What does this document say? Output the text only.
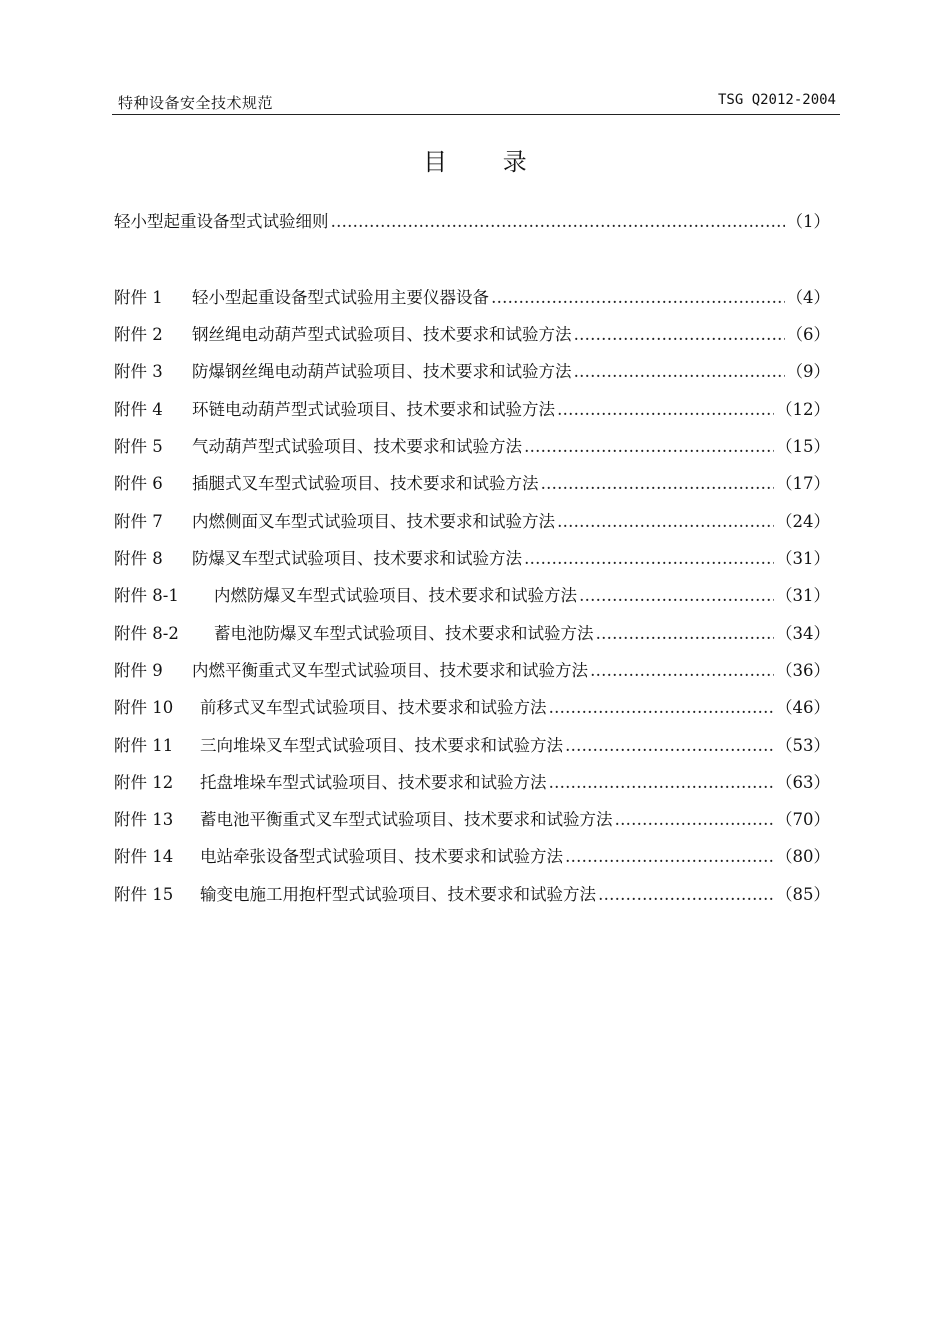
特种设备安全技术规范	TSG Q2012-2004
目 录
轻小型起重设备型式试验细则 ……………………………………………………………………………………………………………………………………	（1）
附件 1 轻小型起重设备型式试验用主要仪器设备 ……………………………………………………………………………………………………………………………………	（4）
附件 2 钢丝绳电动葫芦型式试验项目、技术要求和试验方法 ……………………………………………………………………………………………………………………………………	（6）
附件 3 防爆钢丝绳电动葫芦试验项目、技术要求和试验方法 ……………………………………………………………………………………………………………………………………	（9）
附件 4 环链电动葫芦型式试验项目、技术要求和试验方法 ……………………………………………………………………………………………………………………………………	（12）
附件 5 气动葫芦型式试验项目、技术要求和试验方法 ……………………………………………………………………………………………………………………………………	（15）
附件 6 插腿式叉车型式试验项目、技术要求和试验方法 ……………………………………………………………………………………………………………………………………	（17）
附件 7 内燃侧面叉车型式试验项目、技术要求和试验方法 ……………………………………………………………………………………………………………………………………	（24）
附件 8 防爆叉车型式试验项目、技术要求和试验方法 ……………………………………………………………………………………………………………………………………	（31）
附件 8-1 内燃防爆叉车型式试验项目、技术要求和试验方法 ……………………………………………………………………………………………………………………………………	（31）
附件 8-2 蓄电池防爆叉车型式试验项目、技术要求和试验方法 ……………………………………………………………………………………………………………………………………	（34）
附件 9 内燃平衡重式叉车型式试验项目、技术要求和试验方法 ……………………………………………………………………………………………………………………………………	（36）
附件 10 前移式叉车型式试验项目、技术要求和试验方法 ……………………………………………………………………………………………………………………………………	（46）
附件 11 三向堆垛叉车型式试验项目、技术要求和试验方法 ……………………………………………………………………………………………………………………………………	（53）
附件 12 托盘堆垛车型式试验项目、技术要求和试验方法 ……………………………………………………………………………………………………………………………………	（63）
附件 13 蓄电池平衡重式叉车型式试验项目、技术要求和试验方法 ……………………………………………………………………………………………………………………………………	（70）
附件 14 电站牵张设备型式试验项目、技术要求和试验方法 ……………………………………………………………………………………………………………………………………	（80）
附件 15 输变电施工用抱杆型式试验项目、技术要求和试验方法 ……………………………………………………………………………………………………………………………………	（85）
